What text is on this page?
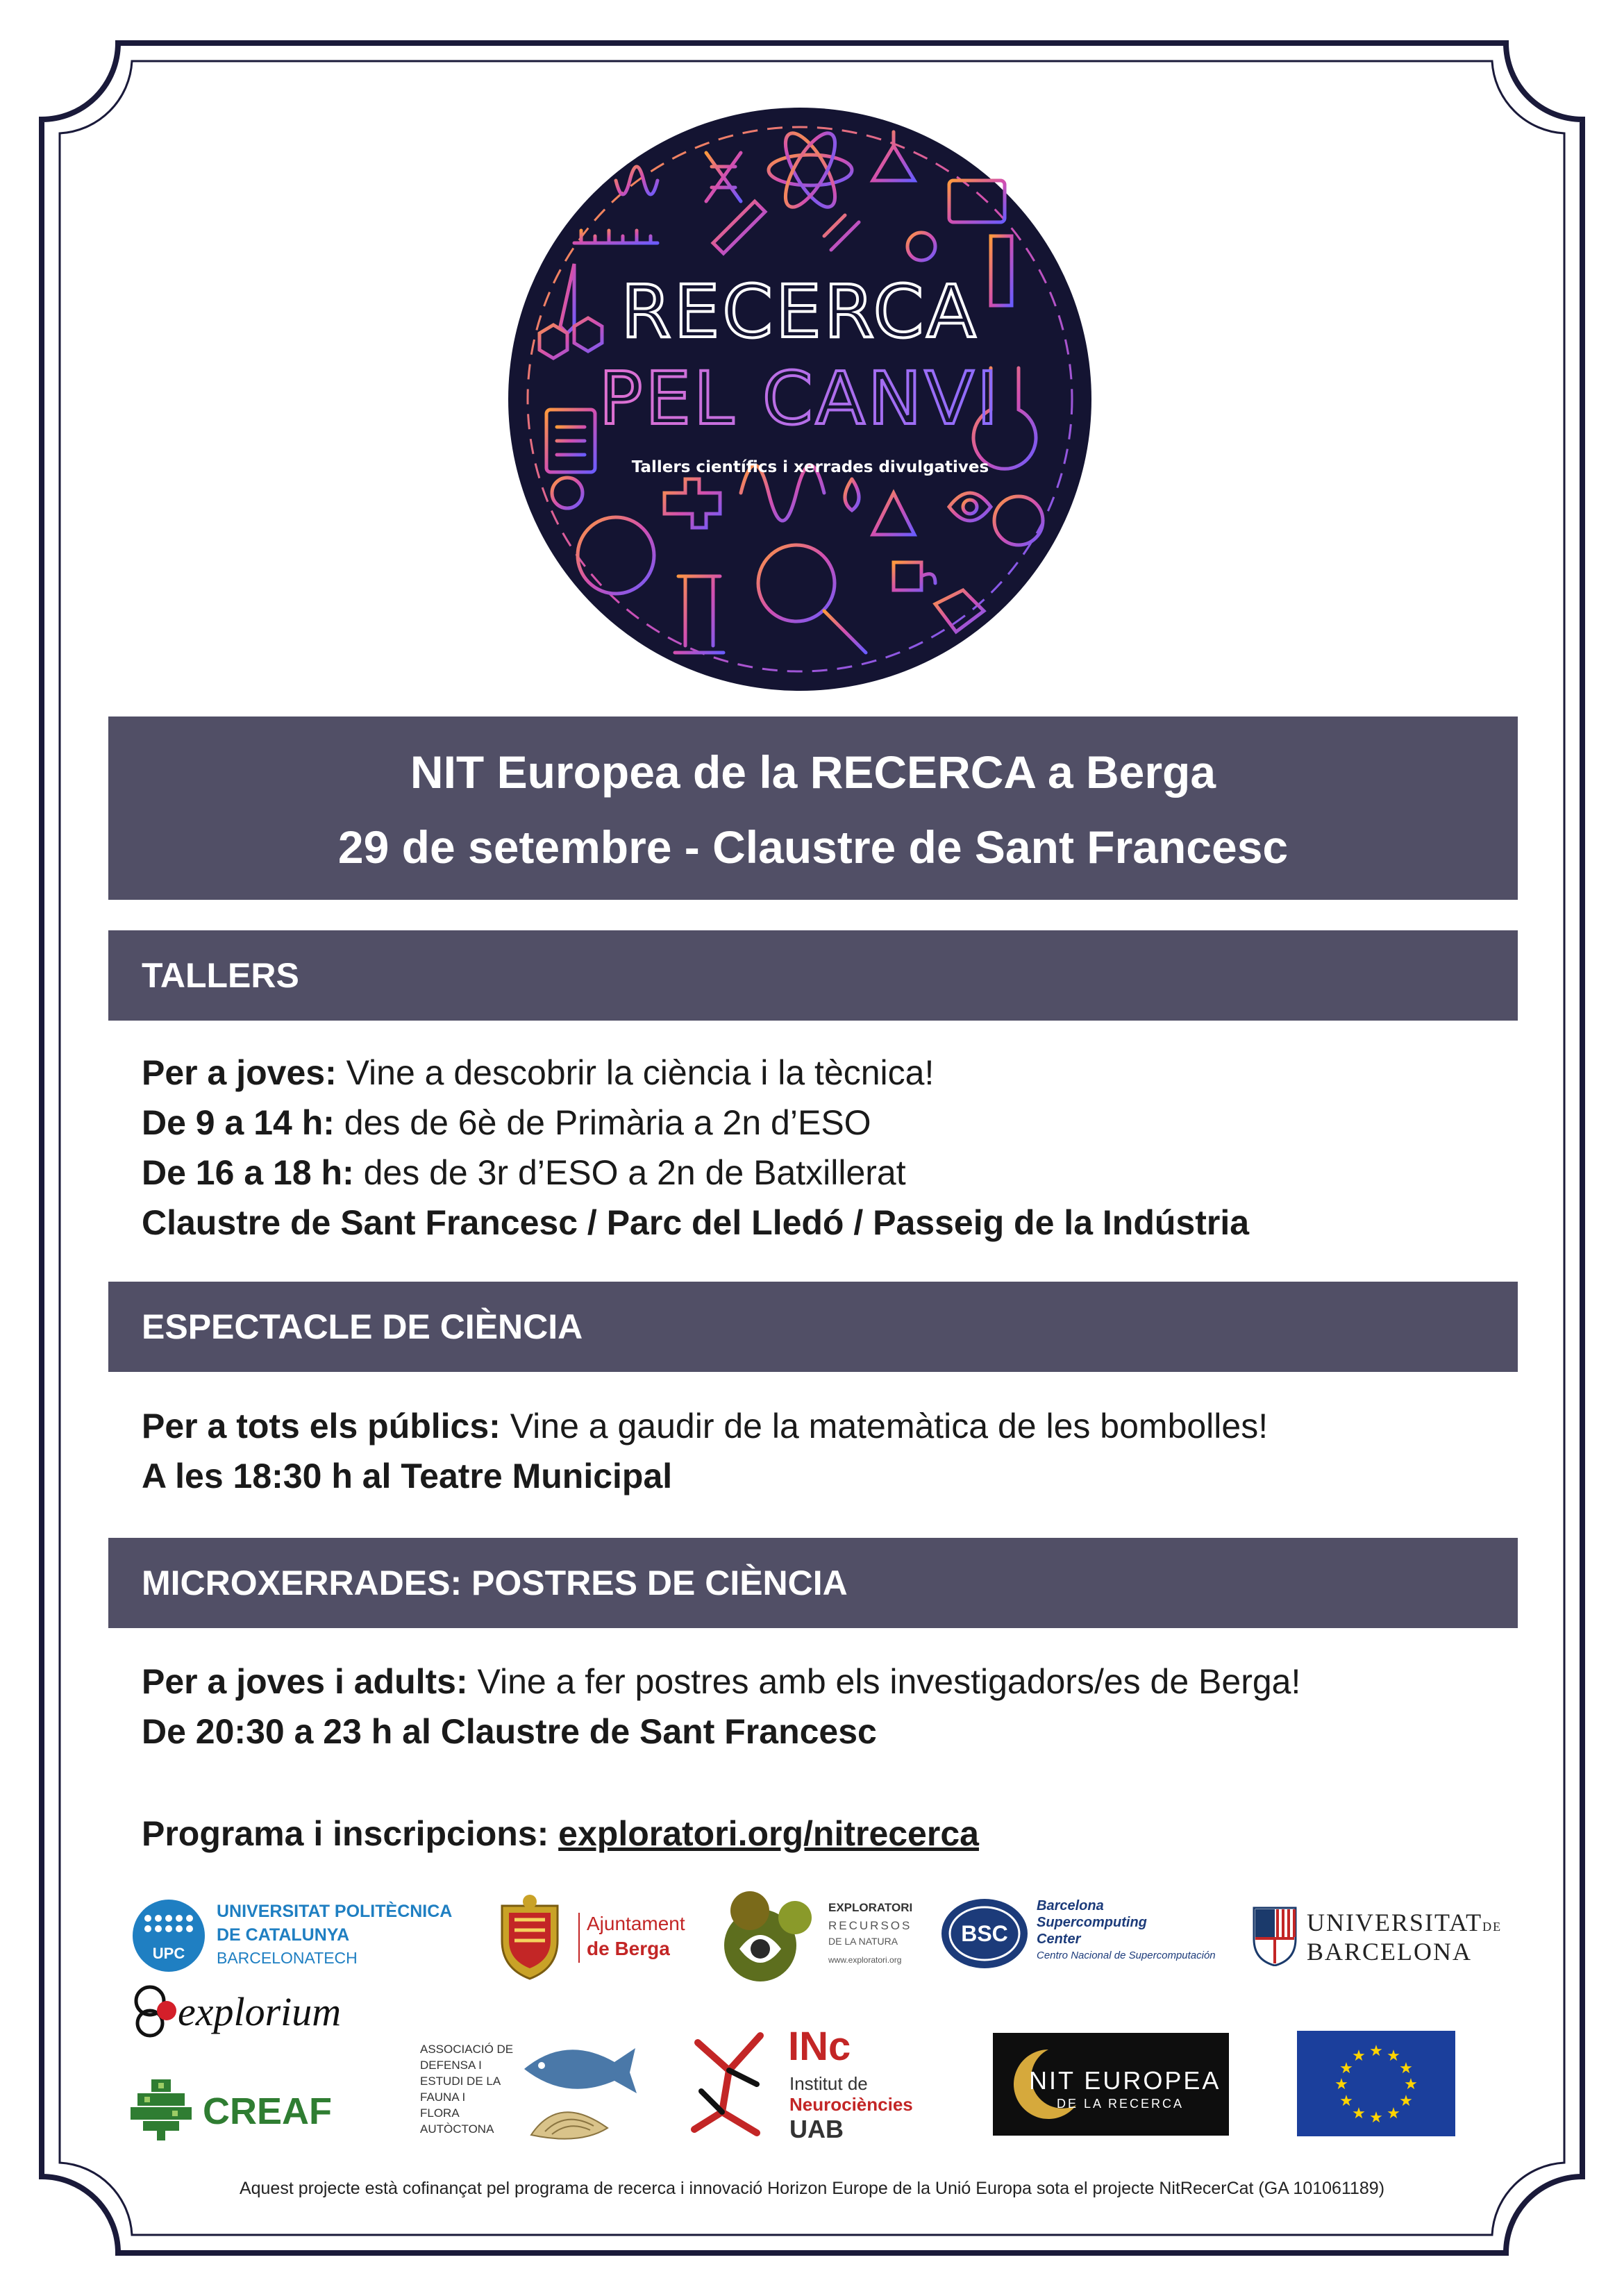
RECERCA
PEL CANVI
Tallers científics i xerrades divulgatives
NIT Europea de la RECERCA a Berga
29 de setembre - Claustre de Sant Francesc
TALLERS
Per a joves: Vine a descobrir la ciència i la tècnica!
De 9 a 14 h: des de 6è de Primària a 2n d’ESO
De 16 a 18 h: des de 3r d’ESO a 2n de Batxillerat
Claustre de Sant Francesc / Parc del Lledó / Passeig de la Indústria
ESPECTACLE DE CIÈNCIA
Per a tots els públics: Vine a gaudir de la matemàtica de les bombolles!
A les 18:30 h al Teatre Municipal
MICROXERRADES: POSTRES DE CIÈNCIA
Per a joves i adults: Vine a fer postres amb els investigadors/es de Berga!
De 20:30 a 23 h al Claustre de Sant Francesc
Programa i inscripcions: exploratori.org/nitrecerca
UPC
UNIVERSITAT POLITÈCNICA
DE CATALUNYA
BARCELONATECH
Ajuntament
de Berga
EXPLORATORI
RECURSOS
DE LA NATURA
www.exploratori.org
BSC
Barcelona
Supercomputing
Center
Centro Nacional de Supercomputación
UNIVERSITATDE
BARCELONA
explorium
CREAF
ASSOCIACIÓ DE
DEFENSA I
ESTUDI DE LA
FAUNA I
FLORA
AUTÒCTONA
INc
Institut de
Neurociències
UAB
NIT EUROPEA
DE LA RECERCA
★ ★
★
★
★
★
★
★
★
★
★
★
Aquest projecte està cofinançat pel programa de recerca i innovació Horizon Europe de la Unió Europa sota el projecte NitRecerCat (GA 101061189)
